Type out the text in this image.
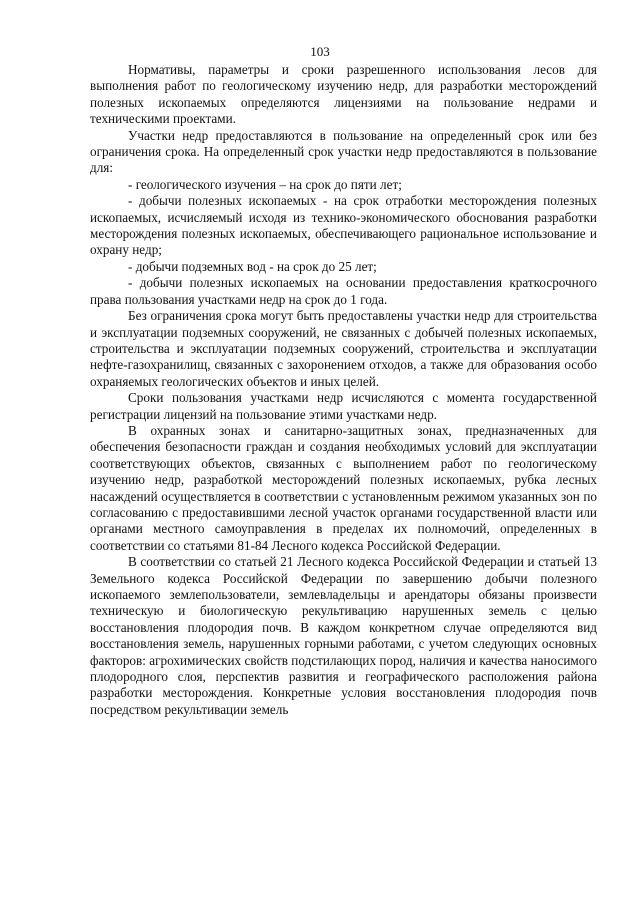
103

Нормативы, параметры и сроки разрешенного использования лесов для выполнения работ по геологическому изучению недр, для разработки месторождений полезных ископаемых определяются лицензиями на пользование недрами и техническими проектами.

Участки недр предоставляются в пользование на определенный срок или без ограничения срока. На определенный срок участки недр предоставляются в пользование для:

- геологического изучения – на срок до пяти лет;

- добычи полезных ископаемых - на срок отработки месторождения полезных ископаемых, исчисляемый исходя из технико-экономического обоснования разработки месторождения полезных ископаемых, обеспечивающего рациональное использование и охрану недр;

- добычи подземных вод - на срок до 25 лет;

- добычи полезных ископаемых на основании предоставления краткосрочного права пользования участками недр на срок до 1 года.

Без ограничения срока могут быть предоставлены участки недр для строительства и эксплуатации подземных сооружений, не связанных с добычей полезных ископаемых, строительства и эксплуатации подземных сооружений, строительства и эксплуатации нефте-газохранилищ, связанных с захоронением отходов, а также для образования особо охраняемых геологических объектов и иных целей.

Сроки пользования участками недр исчисляются с момента государственной регистрации лицензий на пользование этими участками недр.

В охранных зонах и санитарно-защитных зонах, предназначенных для обеспечения безопасности граждан и создания необходимых условий для эксплуатации соответствующих объектов, связанных с выполнением работ по геологическому изучению недр, разработкой месторождений полезных ископаемых, рубка лесных насаждений осуществляется в соответствии с установленным режимом указанных зон по согласованию с предоставившими лесной участок органами государственной власти или органами местного самоуправления в пределах их полномочий, определенных в соответствии со статьями 81-84 Лесного кодекса Российской Федерации.

В соответствии со статьей 21 Лесного кодекса Российской Федерации и статьей 13 Земельного кодекса Российской Федерации по завершению добычи полезного ископаемого землепользователи, землевладельцы и арендаторы обязаны произвести техническую и биологическую рекультивацию нарушенных земель с целью восстановления плодородия почв. В каждом конкретном случае определяются вид восстановления земель, нарушенных горными работами, с учетом следующих основных факторов: агрохимических свойств подстилающих пород, наличия и качества наносимого плодородного слоя, перспектив развития и географического расположения района разработки месторождения. Конкретные условия восстановления плодородия почв посредством рекультивации земель
